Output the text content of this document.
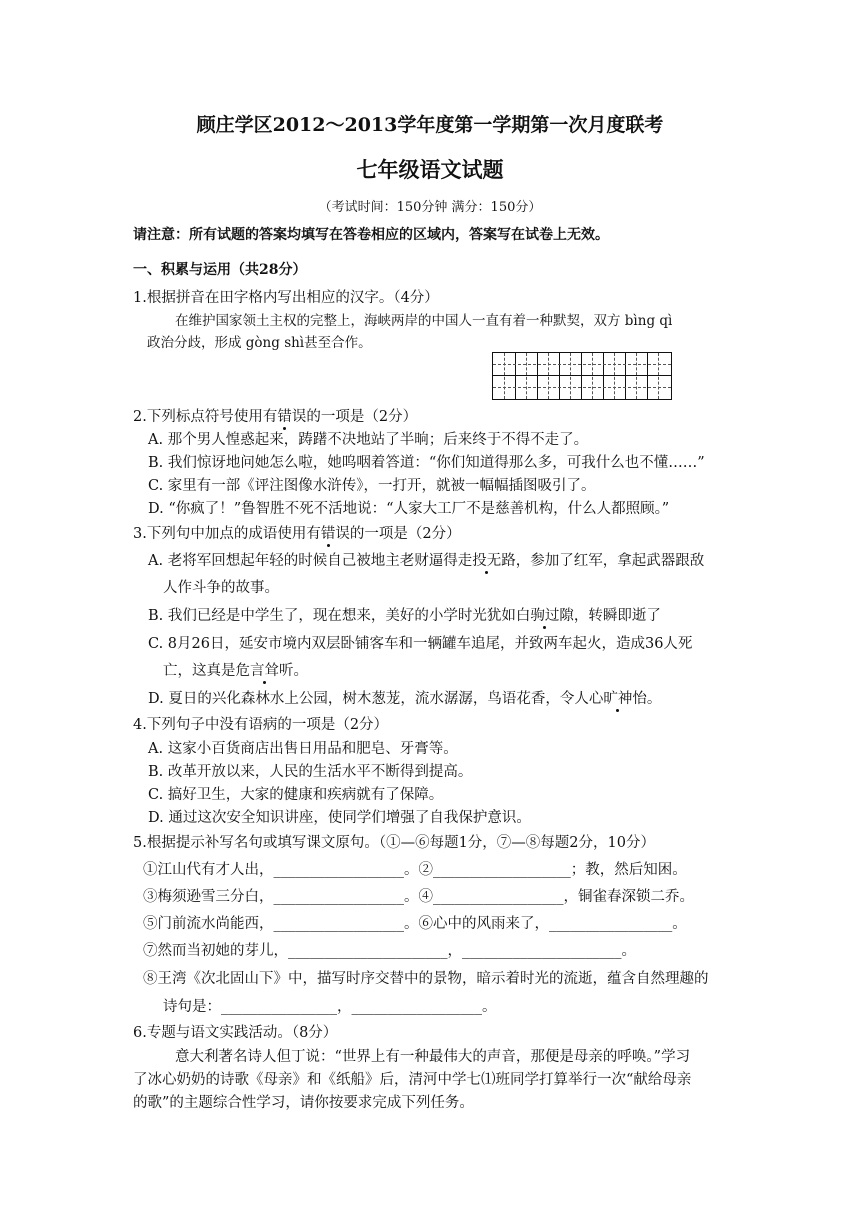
顾庄学区2012～2013学年度第一学期第一次月度联考
七年级语文试题
（考试时间：150分钟 满分：150分）
请注意：所有试题的答案均填写在答卷相应的区域内，答案写在试卷上无效。
一、积累与运用（共28分）
1.根据拼音在田字格内写出相应的汉字。（4分）
在维护国家领土主权的完整上，海峡两岸的中国人一直有着一种默契，双方 bìng qì
政治分歧，形成 gòng shì甚至合作。
2.下列标点符号使用有错误的一项是（2分）
A. 那个男人惶惑起来，踌躇不决地站了半晌；后来终于不得不走了。
B. 我们惊讶地问她怎么啦，她呜咽着答道：“你们知道得那么多，可我什么也不懂……”
C. 家里有一部《评注图像水浒传》，一打开，就被一幅幅插图吸引了。
D. “你疯了！”鲁智胜不死不活地说：“人家大工厂不是慈善机构，什么人都照顾。”
3.下列句中加点的成语使用有错误的一项是（2分）
A. 老将军回想起年轻的时候自己被地主老财逼得走投无路，参加了红军，拿起武器跟敌
人作斗争的故事。
B. 我们已经是中学生了，现在想来，美好的小学时光犹如白驹过隙，转瞬即逝了
C. 8月26日，延安市境内双层卧铺客车和一辆罐车追尾，并致两车起火，造成36人死
亡，这真是危言耸听。
D. 夏日的兴化森林水上公园，树木葱茏，流水潺潺，鸟语花香，令人心旷神怡。
4.下列句子中没有语病的一项是（2分）
A. 这家小百货商店出售日用品和肥皂、牙膏等。
B. 改革开放以来，人民的生活水平不断得到提高。
C. 搞好卫生，大家的健康和疾病就有了保障。
D. 通过这次安全知识讲座，使同学们增强了自我保护意识。
5.根据提示补写名句或填写课文原句。（①—⑥每题1分，⑦—⑧每题2分，10分）
①江山代有才人出，__________________。②___________________；教，然后知困。
③梅须逊雪三分白，__________________。④__________________，铜雀春深锁二乔。
⑤门前流水尚能西，__________________。⑥心中的风雨来了，_________________。
⑦然而当初她的芽儿，______________________，______________________。
⑧王湾《次北固山下》中，描写时序交替中的景物，暗示着时光的流逝，蕴含自然理趣的
诗句是：________________，__________________。
6.专题与语文实践活动。（8分）
意大利著名诗人但丁说：“世界上有一种最伟大的声音，那便是母亲的呼唤。”学习
了冰心奶奶的诗歌《母亲》和《纸船》后，清河中学七⑴班同学打算举行一次“献给母亲
的歌”的主题综合性学习，请你按要求完成下列任务。
